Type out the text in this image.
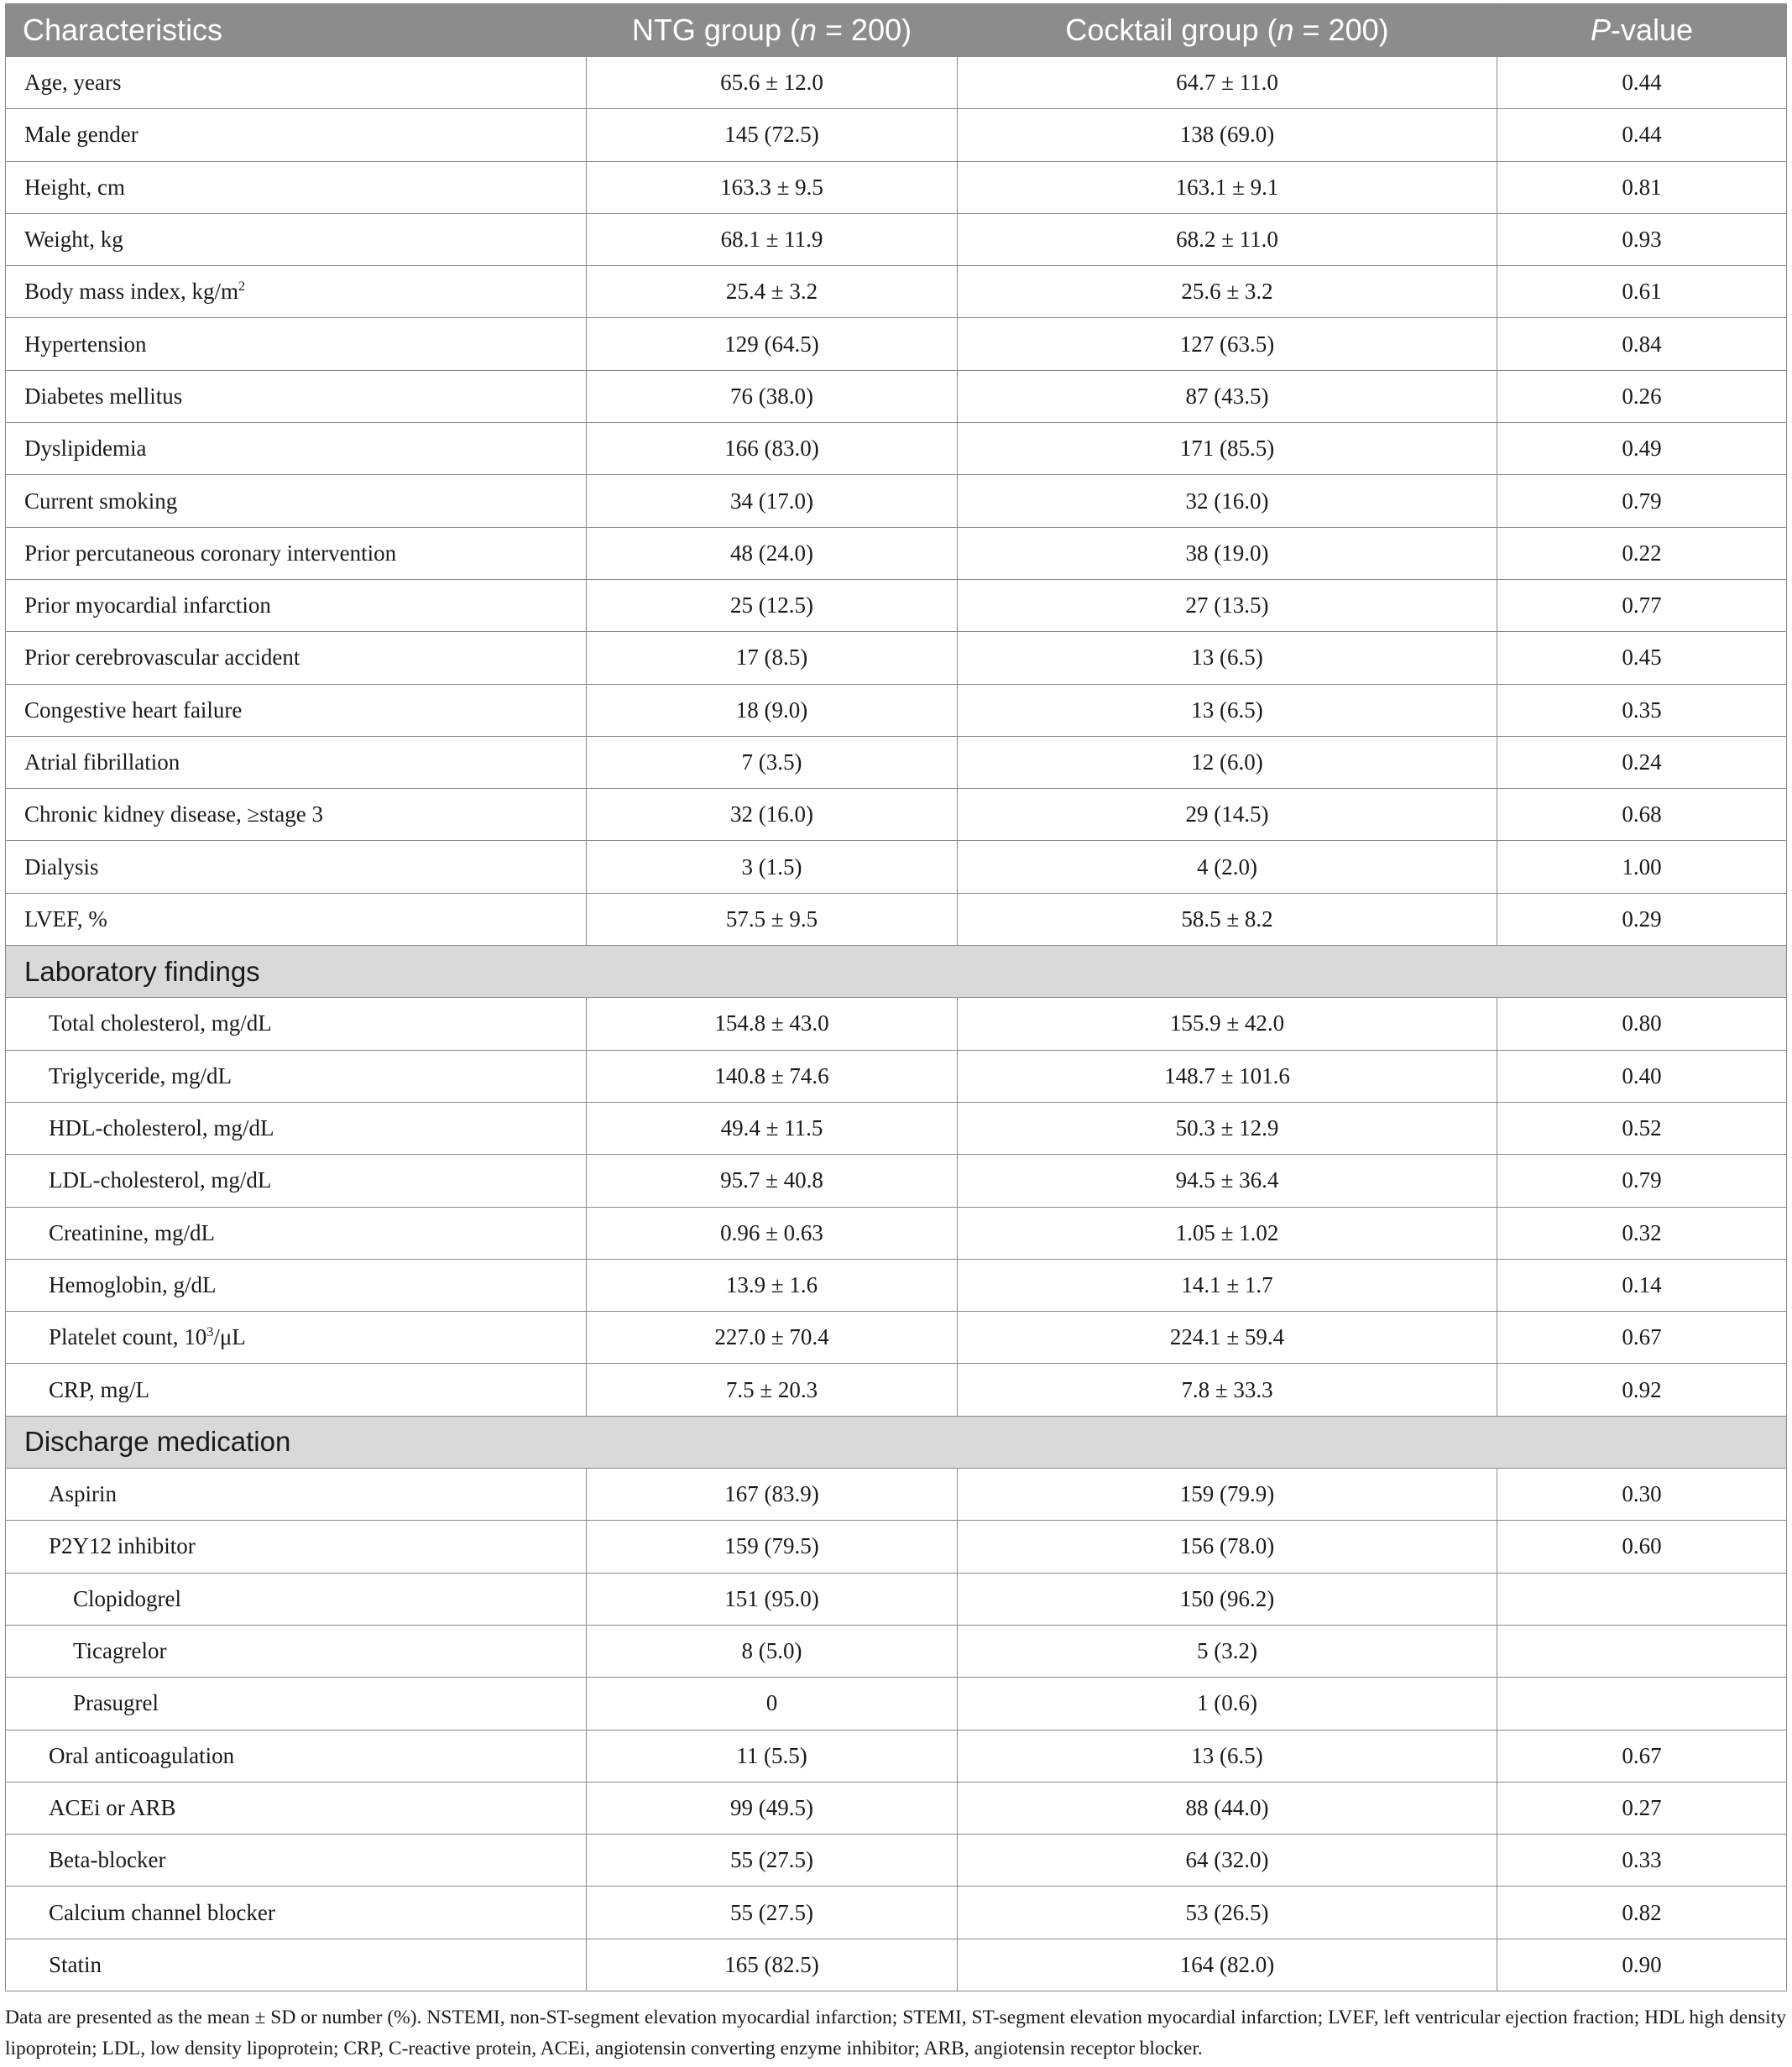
Characteristics	NTG group (n = 200)	Cocktail group (n = 200)	P-value
Age, years	65.6 ± 12.0	64.7 ± 11.0	0.44
Male gender	145 (72.5)	138 (69.0)	0.44
Height, cm	163.3 ± 9.5	163.1 ± 9.1	0.81
Weight, kg	68.1 ± 11.9	68.2 ± 11.0	0.93
Body mass index, $kg/m^2$	25.4 ± 3.2	25.6 ± 3.2	0.61
Hypertension	129 (64.5)	127 (63.5)	0.84
Diabetes mellitus	76 (38.0)	87 (43.5)	0.26
Dyslipidemia	166 (83.0)	171 (85.5)	0.49
Current smoking	34 (17.0)	32 (16.0)	0.79
Prior percutaneous coronary intervention	48 (24.0)	38 (19.0)	0.22
Prior myocardial infarction	25 (12.5)	27 (13.5)	0.77
Prior cerebrovascular accident	17 (8.5)	13 (6.5)	0.45
Congestive heart failure	18 (9.0)	13 (6.5)	0.35
Atrial fibrillation	7 (3.5)	12 (6.0)	0.24
Chronic kidney disease, ≥stage 3	32 (16.0)	29 (14.5)	0.68
Dialysis	3 (1.5)	4 (2.0)	1.00
LVEF, %	57.5 ± 9.5	58.5 ± 8.2	0.29
Laboratory findings			
Total cholesterol, mg/dL	154.8 ± 43.0	155.9 ± 42.0	0.80
Triglyceride, mg/dL	140.8 ± 74.6	148.7 ± 101.6	0.40
HDL-cholesterol, mg/dL	49.4 ± 11.5	50.3 ± 12.9	0.52
LDL-cholesterol, mg/dL	95.7 ± 40.8	94.5 ± 36.4	0.79
Creatinine, mg/dL	0.96 ± 0.63	1.05 ± 1.02	0.32
Hemoglobin, g/dL	13.9 ± 1.6	14.1 ± 1.7	0.14
Platelet count, $10^3/\mu L$	227.0 ± 70.4	224.1 ± 59.4	0.67
CRP, mg/L	7.5 ± 20.3	7.8 ± 33.3	0.92
Discharge medication			
Aspirin	167 (83.9)	159 (79.9)	0.30
P2Y12 inhibitor	159 (79.5)	156 (78.0)	0.60
Clopidogrel	151 (95.0)	150 (96.2)	
Ticagrelor	8 (5.0)	5 (3.2)	
Prasugrel	0	1 (0.6)	
Oral anticoagulation	11 (5.5)	13 (6.5)	0.67
ACEi or ARB	99 (49.5)	88 (44.0)	0.27
Beta-blocker	55 (27.5)	64 (32.0)	0.33
Calcium channel blocker	55 (27.5)	53 (26.5)	0.82
Statin	165 (82.5)	164 (82.0)	0.90
Data are presented as the mean ± SD or number (%). NSTEMI, non-ST-segment elevation myocardial infarction; STEMI, ST-segment elevation myocardial infarction; LVEF, left ventricular ejection fraction; HDL high density lipoprotein; LDL, low density lipoprotein; CRP, C-reactive protein, ACEi, angiotensin converting enzyme inhibitor; ARB, angiotensin receptor blocker.
